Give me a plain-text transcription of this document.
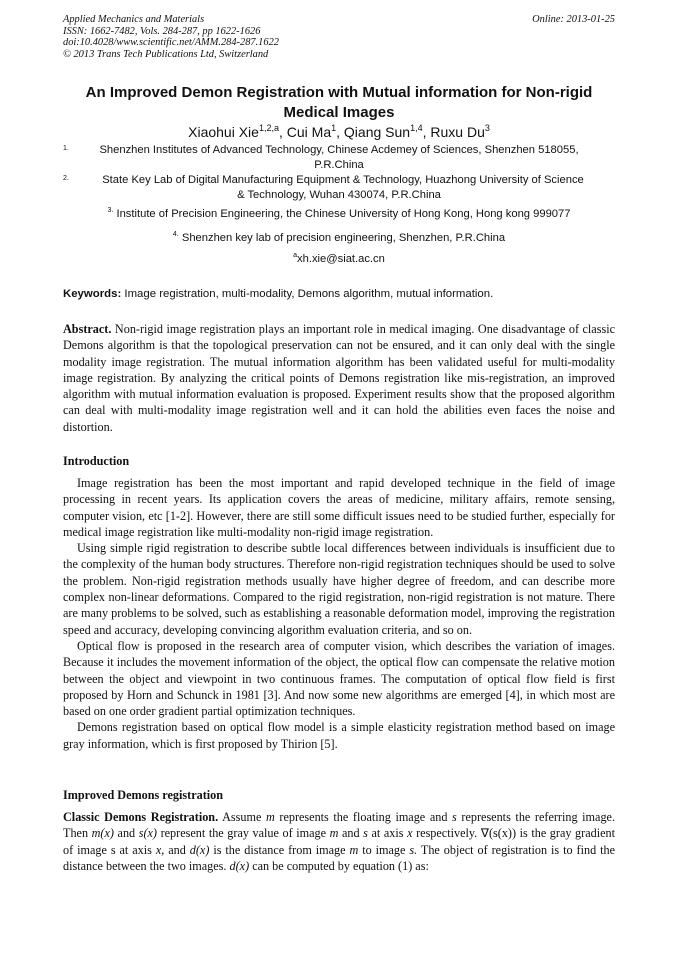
Applied Mechanics and Materials
ISSN: 1662-7482, Vols. 284-287, pp 1622-1626
doi:10.4028/www.scientific.net/AMM.284-287.1622
© 2013 Trans Tech Publications Ltd, Switzerland
Online: 2013-01-25
An Improved Demon Registration with Mutual information for Non-rigid
Medical Images
Xiaohui Xie$^{1,2,a}$, Cui Ma$^1$, Qiang Sun$^{1,4}$, Ruxu Du$^3$
1.	Shenzhen Institutes of Advanced Technology, Chinese Acdemey of Sciences, Shenzhen 518055,
P.R.China
2.	State Key Lab of Digital Manufacturing Equipment & Technology, Huazhong University of Science
& Technology, Wuhan 430074, P.R.China
$^{3.}$ Institute of Precision Engineering, the Chinese University of Hong Kong, Hong kong 999077
$^{4.}$ Shenzhen key lab of precision engineering, Shenzhen, P.R.China
$^a$xh.xie@siat.ac.cn
Keywords: Image registration, multi-modality, Demons algorithm, mutual information.

Abstract. Non-rigid image registration plays an important role in medical imaging. One disadvantage of classic Demons algorithm is that the topological preservation can not be ensured, and it can only deal with the single modality image registration. The mutual information algorithm has been validated useful for multi-modality image registration. By analyzing the critical points of Demons registration like mis-registration, an improved algorithm with mutual information evaluation is proposed. Experiment results show that the proposed algorithm can deal with multi-modality image registration well and it can hold the abilities even faces the noise and distortion.

Introduction

Image registration has been the most important and rapid developed technique in the field of image processing in recent years. Its application covers the areas of medicine, military affairs, remote sensing, computer vision, etc [1-2]. However, there are still some difficult issues need to be studied further, especially for medical image registration like multi-modality non-rigid image registration.

Using simple rigid registration to describe subtle local differences between individuals is insufficient due to the complexity of the human body structures. Therefore non-rigid registration techniques should be used to solve the problem. Non-rigid registration methods usually have higher degree of freedom, and can describe more complex non-linear deformations. Compared to the rigid registration, non-rigid registration is not mature. There are many problems to be solved, such as establishing a reasonable deformation model, improving the registration speed and accuracy, developing convincing algorithm evaluation criteria, and so on.

Optical flow is proposed in the research area of computer vision, which describes the variation of images. Because it includes the movement information of the object, the optical flow can compensate the relative motion between the object and viewpoint in two continuous frames. The computation of optical flow field is first proposed by Horn and Schunck in 1981 [3]. And now some new algorithms are emerged [4], in which most are based on one order gradient partial optimization techniques.

Demons registration based on optical flow model is a simple elasticity registration method based on image gray information, which is first proposed by Thirion [5].

Improved Demons registration

Classic Demons Registration. Assume m represents the floating image and s represents the referring image. Then m(x) and s(x) represent the gray value of image m and s at axis x respectively. ∇(s(x)) is the gray gradient of image s at axis x, and d(x) is the distance from image m to image s. The object of registration is to find the distance between the two images. d(x) can be computed by equation (1) as:
